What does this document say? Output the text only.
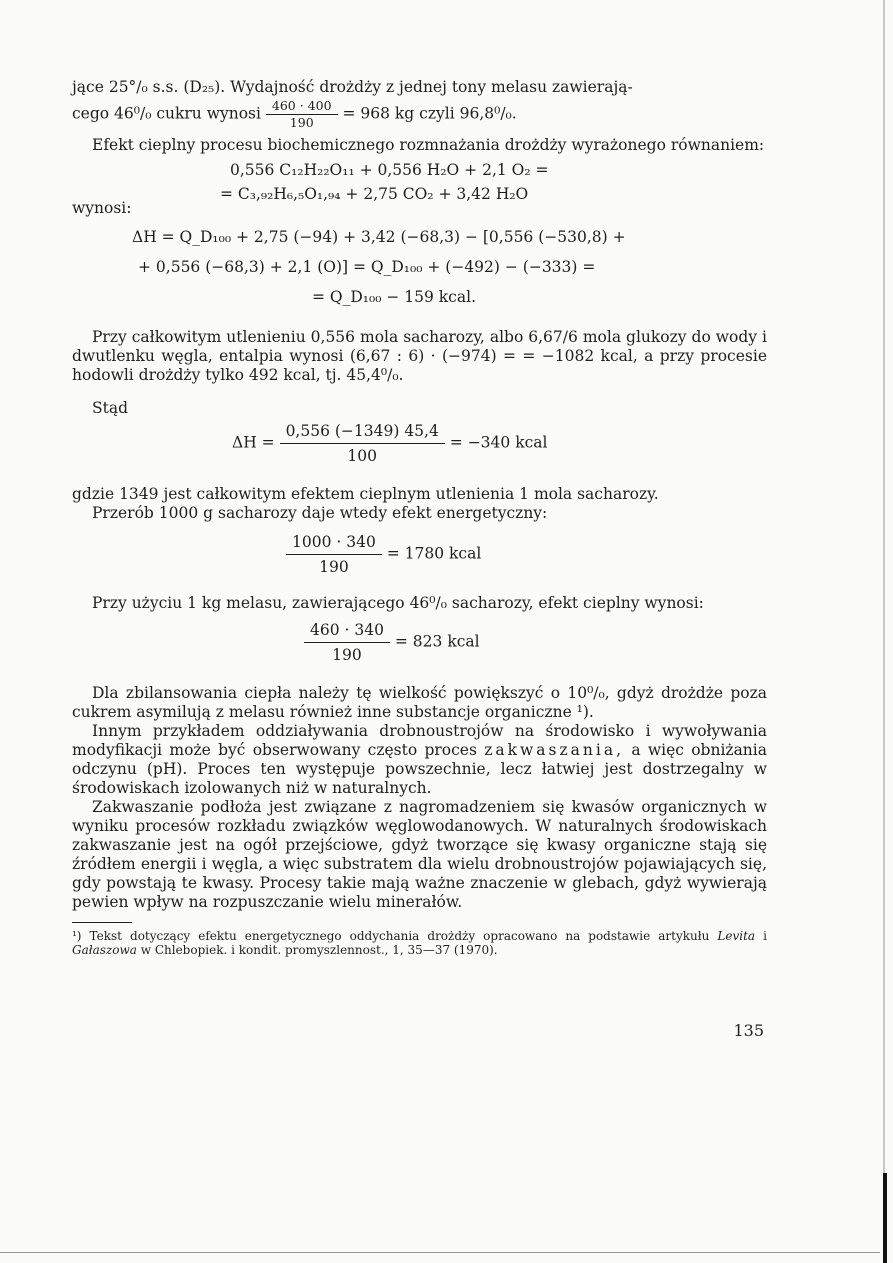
jące 25°/₀ s.s. (D₂₅). Wydajność drożdży z jednej tony melasu zawierają-

cego 46⁰/₀ cukru wynosi $\frac{460 \cdot 400}{190} = 968$ kg czyli 96,8⁰/₀.

Efekt cieplny procesu biochemicznego rozmnażania drożdży wyrażonego równaniem:

0,556 C₁₂H₂₂O₁₁ + 0,556 H₂O + 2,1 O₂ =
= C₃,₉₂H₆,₅O₁,₉₄ + 2,75 CO₂ + 3,42 H₂O

wynosi:

ΔH = Q_D₁₀₀ + 2,75 (−94) + 3,42 (−68,3) − [0,556 (−530,8) +
+ 0,556 (−68,3) + 2,1 (O)] = Q_D₁₀₀ + (−492) − (−333) =
= Q_D₁₀₀ − 159 kcal.

Przy całkowitym utlenieniu 0,556 mola sacharozy, albo 6,67/6 mola glukozy do wody i dwutlenku węgla, entalpia wynosi (6,67 : 6) · (−974) = = −1082 kcal, a przy procesie hodowli drożdży tylko 492 kcal, tj. 45,4⁰/₀.

Stąd

$\Delta H = \frac{0,556 (-1349) 45,4}{100} = -340$ kcal

gdzie 1349 jest całkowitym efektem cieplnym utlenienia 1 mola sacharozy.

Przerób 1000 g sacharozy daje wtedy efekt energetyczny:

$\frac{1000 \cdot 340}{190} = 1780$ kcal

Przy użyciu 1 kg melasu, zawierającego 46⁰/₀ sacharozy, efekt cieplny wynosi:

$\frac{460 \cdot 340}{190} = 823$ kcal

Dla zbilansowania ciepła należy tę wielkość powiększyć o 10⁰/₀, gdyż drożdże poza cukrem asymilują z melasu również inne substancje organiczne ¹).

Innym przykładem oddziaływania drobnoustrojów na środowisko i wywoływania modyfikacji może być obserwowany często proces zakwaszania, a więc obniżania odczynu (pH). Proces ten występuje powszechnie, lecz łatwiej jest dostrzegalny w środowiskach izolowanych niż w naturalnych.

Zakwaszanie podłoża jest związane z nagromadzeniem się kwasów organicznych w wyniku procesów rozkładu związków węglowodanowych. W naturalnych środowiskach zakwaszanie jest na ogół przejściowe, gdyż tworzące się kwasy organiczne stają się źródłem energii i węgla, a więc substratem dla wielu drobnoustrojów pojawiających się, gdy powstają te kwasy. Procesy takie mają ważne znaczenie w glebach, gdyż wywierają pewien wpływ na rozpuszczanie wielu minerałów.

¹) Tekst dotyczący efektu energetycznego oddychania drożdży opracowano na podstawie artykułu Levita i Gałaszowa w Chlebopiek. i kondit. promyszlennost., 1, 35—37 (1970).

135
